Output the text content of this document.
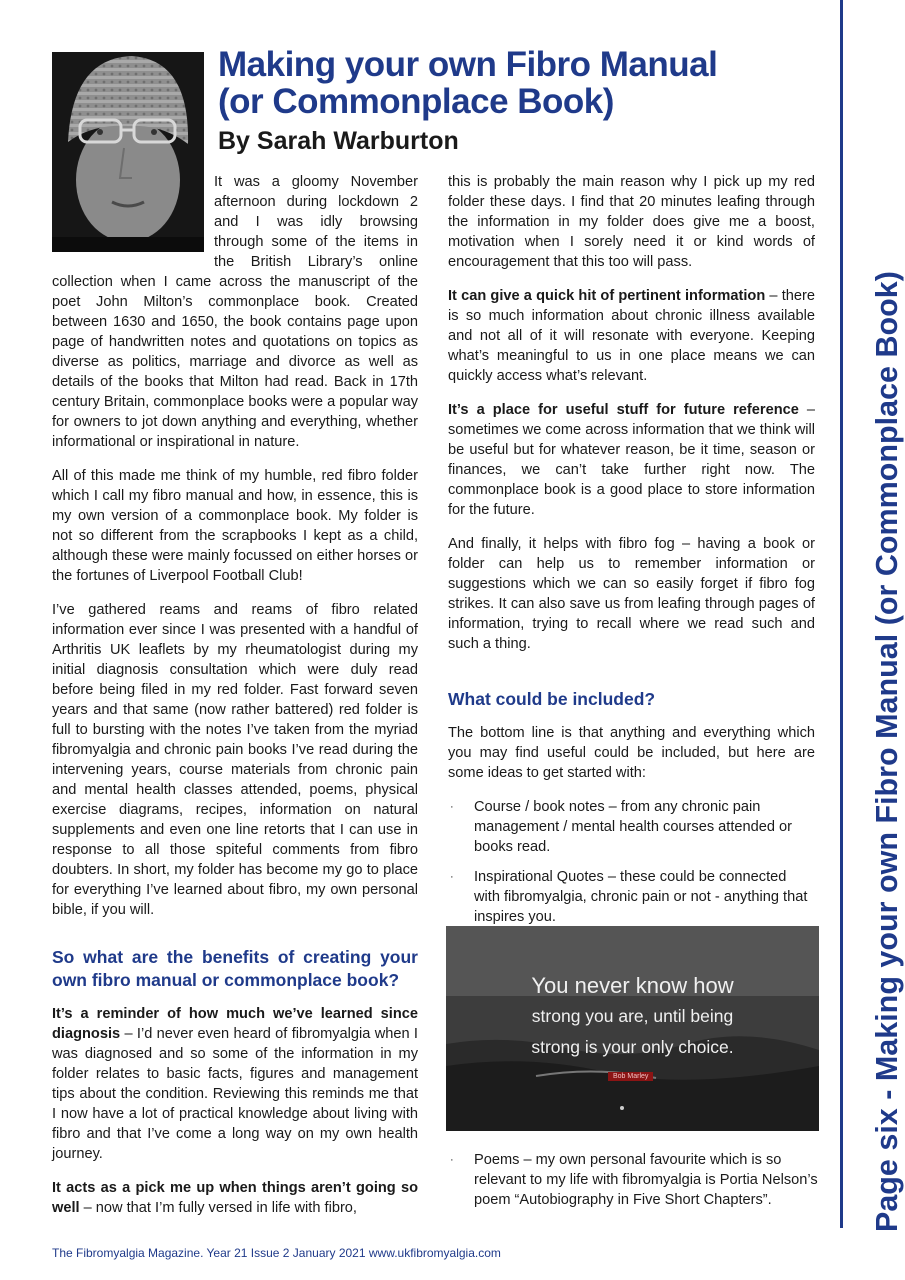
Making your own Fibro Manual
(or Commonplace Book)
By Sarah Warburton

It was a gloomy November afternoon during lockdown 2 and I was idly browsing through some of the items in the British Library’s online collection when I came across the manuscript of the poet John Milton’s commonplace book. Created between 1630 and 1650, the book contains page upon page of handwritten notes and quotations on topics as diverse as politics, marriage and divorce as well as details of the books that Milton had read. Back in 17th century Britain, commonplace books were a popular way for owners to jot down anything and everything, whether informational or inspirational in nature.

All of this made me think of my humble, red fibro folder which I call my fibro manual and how, in essence, this is my own version of a commonplace book. My folder is not so different from the scrapbooks I kept as a child, although these were mainly focussed on either horses or the fortunes of Liverpool Football Club!

I’ve gathered reams and reams of fibro related information ever since I was presented with a handful of Arthritis UK leaflets by my rheumatologist during my initial diagnosis consultation which were duly read before being filed in my red folder. Fast forward seven years and that same (now rather battered) red folder is full to bursting with the notes I’ve taken from the myriad fibromyalgia and chronic pain books I’ve read during the intervening years, course materials from chronic pain and mental health classes attended, poems, physical exercise diagrams, recipes, information on natural supplements and even one line retorts that I can use in response to all those spiteful comments from fibro doubters. In short, my folder has become my go to place for everything I’ve learned about fibro, my own personal bible, if you will.

So what are the benefits of creating your own fibro manual or commonplace book?

It’s a reminder of how much we’ve learned since diagnosis – I’d never even heard of fibromyalgia when I was diagnosed and so some of the information in my folder relates to basic facts, figures and management tips about the condition. Reviewing this reminds me that I now have a lot of practical knowledge about living with fibro and that I’ve come a long way on my own health journey.

It acts as a pick me up when things aren’t going so well – now that I’m fully versed in life with fibro,

this is probably the main reason why I pick up my red folder these days. I find that 20 minutes leafing through the information in my folder does give me a boost, motivation when I sorely need it or kind words of encouragement that this too will pass.

It can give a quick hit of pertinent information – there is so much information about chronic illness available and not all of it will resonate with everyone. Keeping what’s meaningful to us in one place means we can quickly access what’s relevant.

It’s a place for useful stuff for future reference – sometimes we come across information that we think will be useful but for whatever reason, be it time, season or finances, we can’t take further right now. The commonplace book is a good place to store information for the future.

And finally, it helps with fibro fog – having a book or folder can help us to remember information or suggestions which we can so easily forget if fibro fog strikes. It can also save us from leafing through pages of information, trying to recall where we read such and such a thing.

What could be included?

The bottom line is that anything and everything which you may find useful could be included, but here are some ideas to get started with:

· Course / book notes – from any chronic pain management / mental health courses attended or books read.
· Inspirational Quotes – these could be connected with fibromyalgia, chronic pain or not - anything that inspires you.
You never know how
strong you are, until being
strong is your only choice.
Bob Marley
· Poems – my own personal favourite which is so relevant to my life with fibromyalgia is Portia Nelson’s poem “Autobiography in Five Short Chapters”.	Page six - Making your own Fibro Manual (or Commonplace Book)
The Fibromyalgia Magazine. Year 21 Issue 2 January 2021 www.ukfibromyalgia.com
